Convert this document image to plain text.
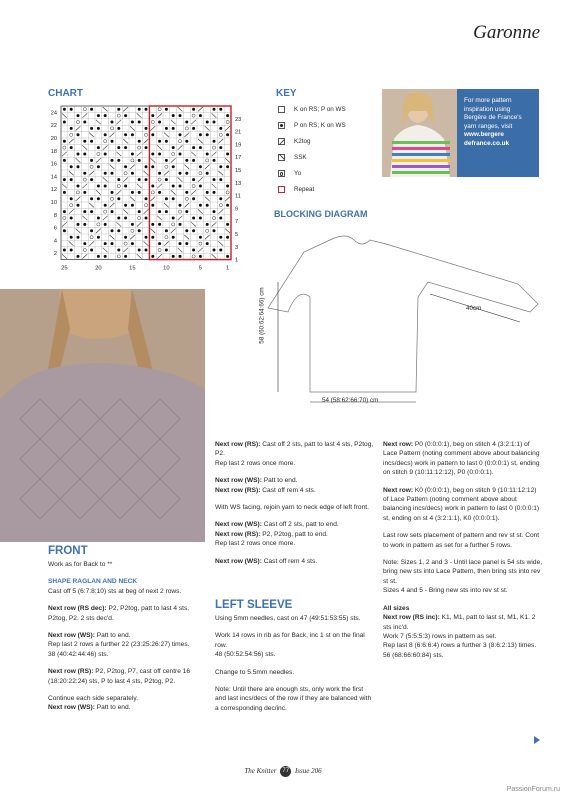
Garonne
CHART
24
22
20
18
16
14
12
10
8
6
4
2
23
21
19
17
15
13
11
9
7
5
3
1
25	20	15	10	5	1
KEY
K on RS; P on WS
P on RS; K on WS
K2tog
SSK
Yo
Repeat
For more pattern inspiration using Bergère de France's yarn ranges, visit www.bergere defrance.co.uk
BLOCKING DIAGRAM
58 (60:62:64:66) cm	40cm
54 (58:62:66:70) cm
FRONT

Work as for Back to **

SHAPE RAGLAN AND NECK

Cast off 5 (6:7:8:10) sts at beg of next 2 rows.

Next row (RS dec): P2, P2tog, patt to last 4 sts, P2tog, P2. 2 sts dec'd.

Next row (WS): Patt to end.

Rep last 2 rows a further 22 (23:25:26:27) times.

38 (40:42:44:46) sts.

Next row (RS): P2, P2tog, P7, cast off centre 16 (18:20:22:24) sts, P to last 4 sts, P2tog, P2.

Continue each side separately.

Next row (WS): Patt to end.

Next row (RS): Cast off 2 sts, patt to last 4 sts, P2tog, P2.

Rep last 2 rows once more.

Next row (WS): Patt to end.

Next row (RS): Cast off rem 4 sts.

With WS facing, rejoin yarn to neck edge of left front.

Next row (WS): Cast off 2 sts, patt to end.

Next row (RS): P2, P2tog, patt to end.

Rep last 2 rows once more.

Next row (WS): Cast off rem 4 sts.

LEFT SLEEVE

Using 5mm needles, cast on 47 (49:51:53:55) sts.

Work 14 rows in rib as for Back, inc 1 st on the final row.

48 (50:52:54:56) sts.

Change to 5.5mm needles.

Note: Until there are enough sts, only work the first and last incs/decs of the row if they are balanced with a corresponding dec/inc.

Next row: P0 (0:0:0:1), beg on stitch 4 (3:2:1:1) of Lace Pattern (noting comment above about balancing incs/decs) work in pattern to last 0 (0:0:0:1) st, ending on stitch 9 (10:11:12:12), P0 (0:0:0:1).

Next row: K0 (0:0:0:1), beg on stitch 9 (10:11:12:12) of Lace Pattern (noting comment above about balancing incs/decs) work in pattern to last 0 (0:0:0:1) st, ending on st 4 (3:2:1:1), K0 (0:0:0:1).

Last row sets placement of pattern and rev st st. Cont to work in pattern as set for a further 5 rows.

Note: Sizes 1, 2 and 3 - Until lace panel is 54 sts wide, bring new sts into Lace Pattern, then bring sts into rev st st.

Sizes 4 and 5 - Bring new sts into rev st st.

All sizes

Next row (RS inc): K1, M1, patt to last st, M1, K1. 2 sts inc'd.

Work 7 (5:5:5:3) rows in pattern as set.

Rep last 8 (6:6:6:4) rows a further 3 (8:6:2:13) times.

56 (68:66:60:84) sts.

The Knitter 77 Issue 206
PassionForum.ru
